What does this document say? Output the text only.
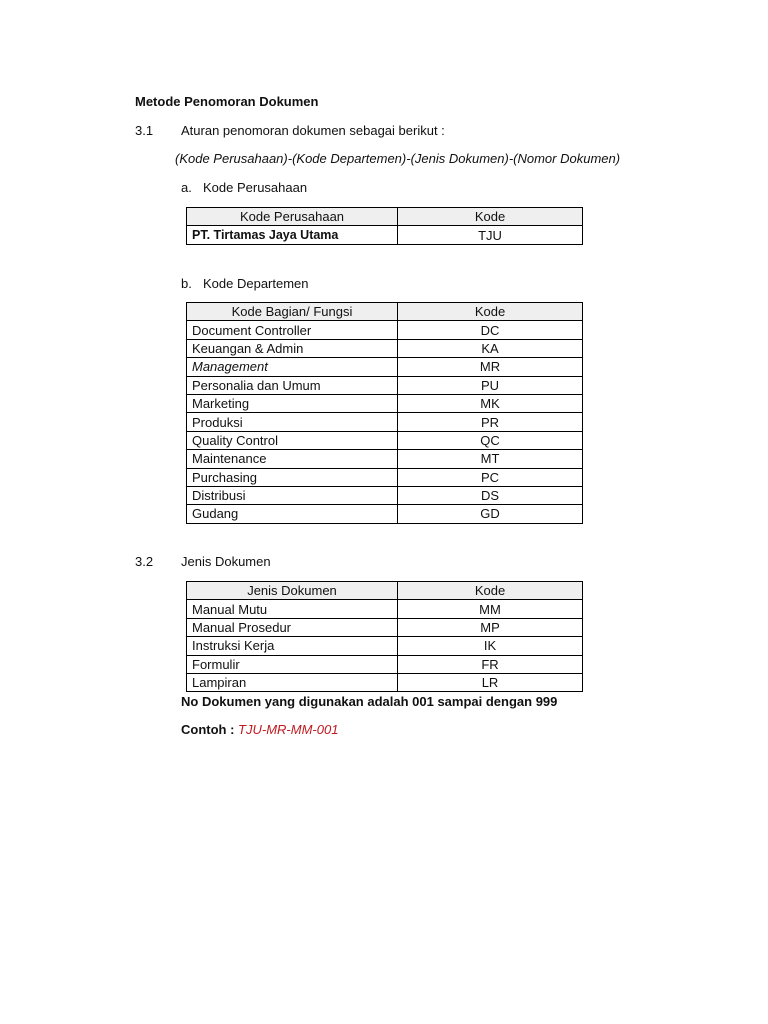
Metode Penomoran Dokumen
3.1 Aturan penomoran dokumen sebagai berikut :
(Kode Perusahaan)-(Kode Departemen)-(Jenis Dokumen)-(Nomor Dokumen)
a. Kode Perusahaan
Kode Perusahaan	Kode
PT. Tirtamas Jaya Utama	TJU
b. Kode Departemen
Kode Bagian/ Fungsi	Kode
Document Controller	DC
Keuangan & Admin	KA
Management	MR
Personalia dan Umum	PU
Marketing	MK
Produksi	PR
Quality Control	QC
Maintenance	MT
Purchasing	PC
Distribusi	DS
Gudang	GD
3.2 Jenis Dokumen
Jenis Dokumen	Kode
Manual Mutu	MM
Manual Prosedur	MP
Instruksi Kerja	IK
Formulir	FR
Lampiran	LR
No Dokumen yang digunakan adalah 001 sampai dengan 999
Contoh : TJU-MR-MM-001
